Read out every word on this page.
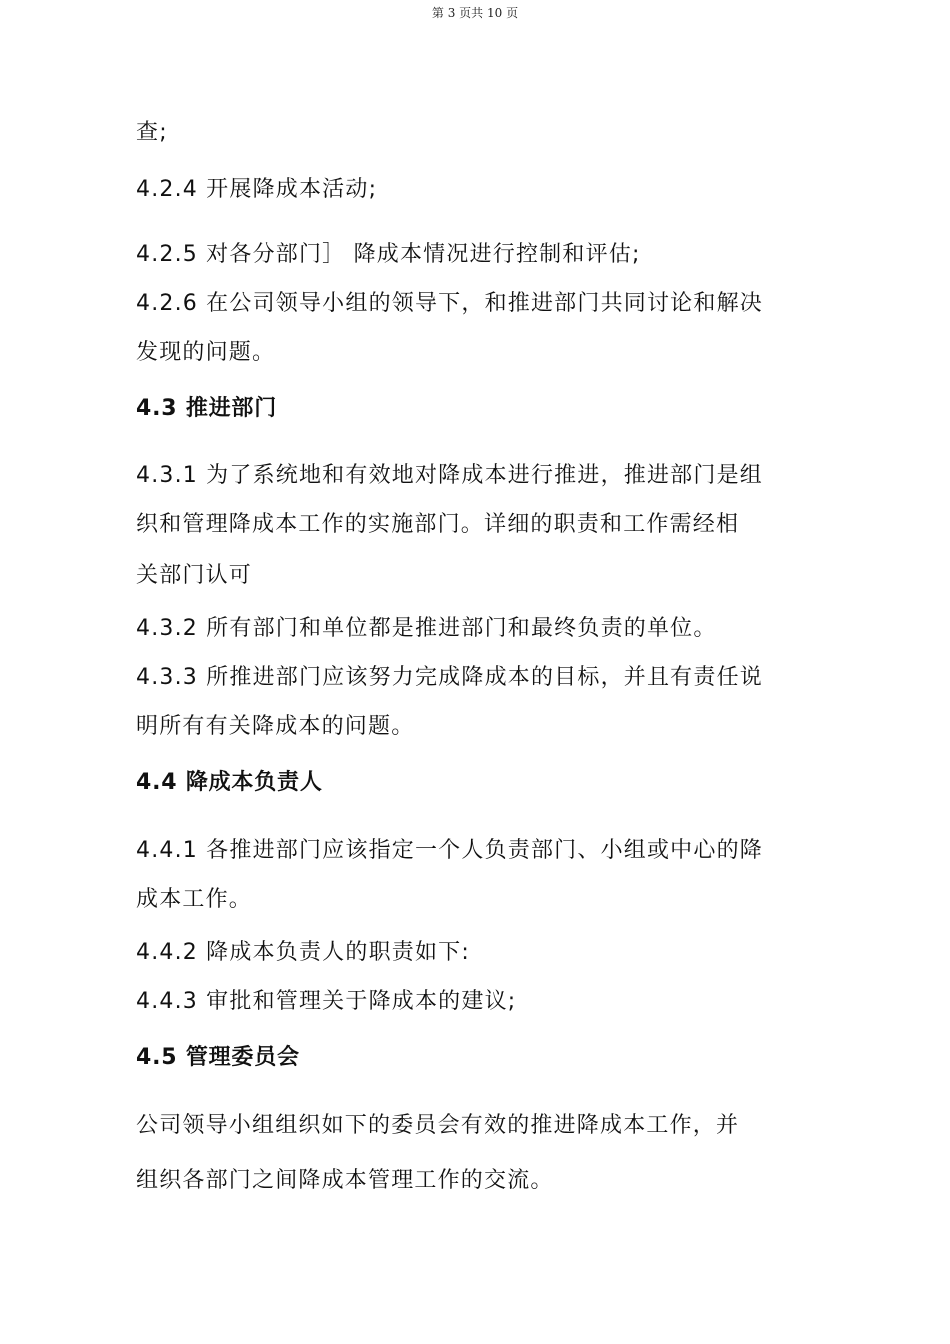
第 3 页共 10 页
查;
4.2.4 开展降成本活动;
4.2.5 对各分部门］ 降成本情况进行控制和评估;
4.2.6 在公司领导小组的领导下，和推进部门共同讨论和解决
发现的问题。
4.3 推进部门
4.3.1 为了系统地和有效地对降成本进行推进，推进部门是组
织和管理降成本工作的实施部门。详细的职责和工作需经相
关部门认可
4.3.2 所有部门和单位都是推进部门和最终负责的单位。
4.3.3 所推进部门应该努力完成降成本的目标，并且有责任说
明所有有关降成本的问题。
4.4 降成本负责人
4.4.1 各推进部门应该指定一个人负责部门、小组或中心的降
成本工作。
4.4.2 降成本负责人的职责如下:
4.4.3 审批和管理关于降成本的建议;
4.5 管理委员会
公司领导小组组织如下的委员会有效的推进降成本工作，并
组织各部门之间降成本管理工作的交流。
